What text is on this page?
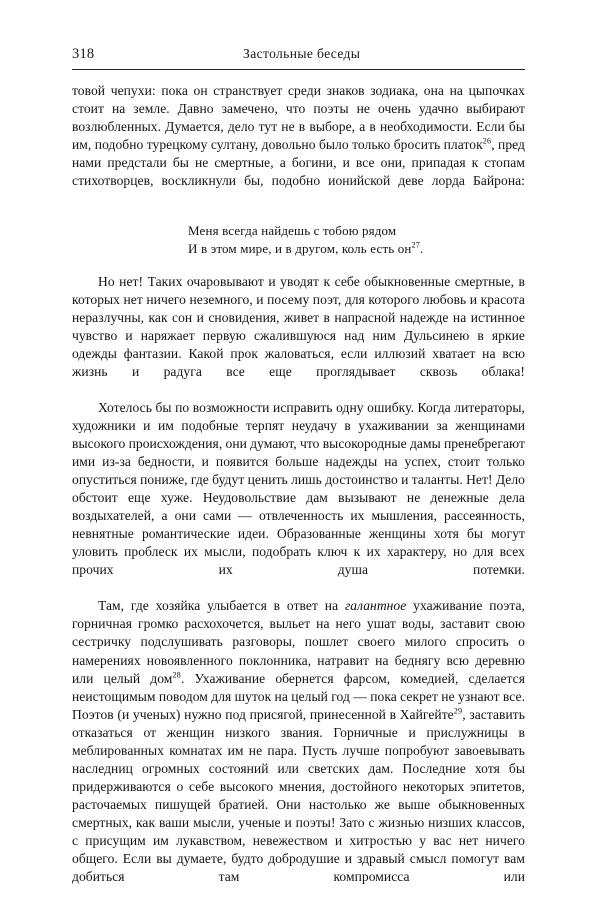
318	Застольные беседы

товой чепухи: пока он странствует среди знаков зодиака, она на цыпочках стоит на земле. Давно замечено, что поэты не очень удачно выбирают возлюбленных. Думается, дело тут не в выборе, а в необходимости. Если бы им, подобно турецкому султану, довольно было только бросить платок$^{26}$, пред нами предстали бы не смертные, а богини, и все они, припадая к стопам стихотворцев, воскликнули бы, подобно ионийской деве лорда Байрона:

Меня всегда найдешь с тобою рядом
И в этом мире, и в другом, коль есть он$^{27}$.

Но нет! Таких очаровывают и уводят к себе обыкновенные смертные, в которых нет ничего неземного, и посему поэт, для которого любовь и красота неразлучны, как сон и сновидения, живет в напрасной надежде на истинное чувство и наряжает первую сжалившуюся над ним Дульсинею в яркие одежды фантазии. Какой прок жаловаться, если иллюзий хватает на всю жизнь и радуга все еще проглядывает сквозь облака!

Хотелось бы по возможности исправить одну ошибку. Когда литераторы, художники и им подобные терпят неудачу в ухаживании за женщинами высокого происхождения, они думают, что высокородные дамы пренебрегают ими из-за бедности, и появится больше надежды на успех, стоит только опуститься пониже, где будут ценить лишь достоинство и таланты. Нет! Дело обстоит еще хуже. Неудовольствие дам вызывают не денежные дела воздыхателей, а они сами — отвлеченность их мышления, рассеянность, невнятные романтические идеи. Образованные женщины хотя бы могут уловить проблеск их мысли, подобрать ключ к их характеру, но для всех прочих их душа потемки.

Там, где хозяйка улыбается в ответ на галантное ухаживание поэта, горничная громко расхохочется, выльет на него ушат воды, заставит свою сестричку подслушивать разговоры, пошлет своего милого спросить о намерениях новоявленного поклонника, натравит на беднягу всю деревню или целый дом$^{28}$. Ухаживание обернется фарсом, комедией, сделается неистощимым поводом для шуток на целый год — пока секрет не узнают все. Поэтов (и ученых) нужно под присягой, принесенной в Хайгейте$^{29}$, заставить отказаться от женщин низкого звания. Горничные и прислужницы в меблированных комнатах им не пара. Пусть лучше попробуют завоевывать наследниц огромных состояний или светских дам. Последние хотя бы придерживаются о себе высокого мнения, достойного некоторых эпитетов, расточаемых пишущей братией. Они настолько же выше обыкновенных смертных, как ваши мысли, ученые и поэты! Зато с жизнью низших классов, с присущим им лукавством, невежеством и хитростью у вас нет ничего общего. Если вы думаете, будто добродушие и здравый смысл помогут вам добиться там компромисса или
